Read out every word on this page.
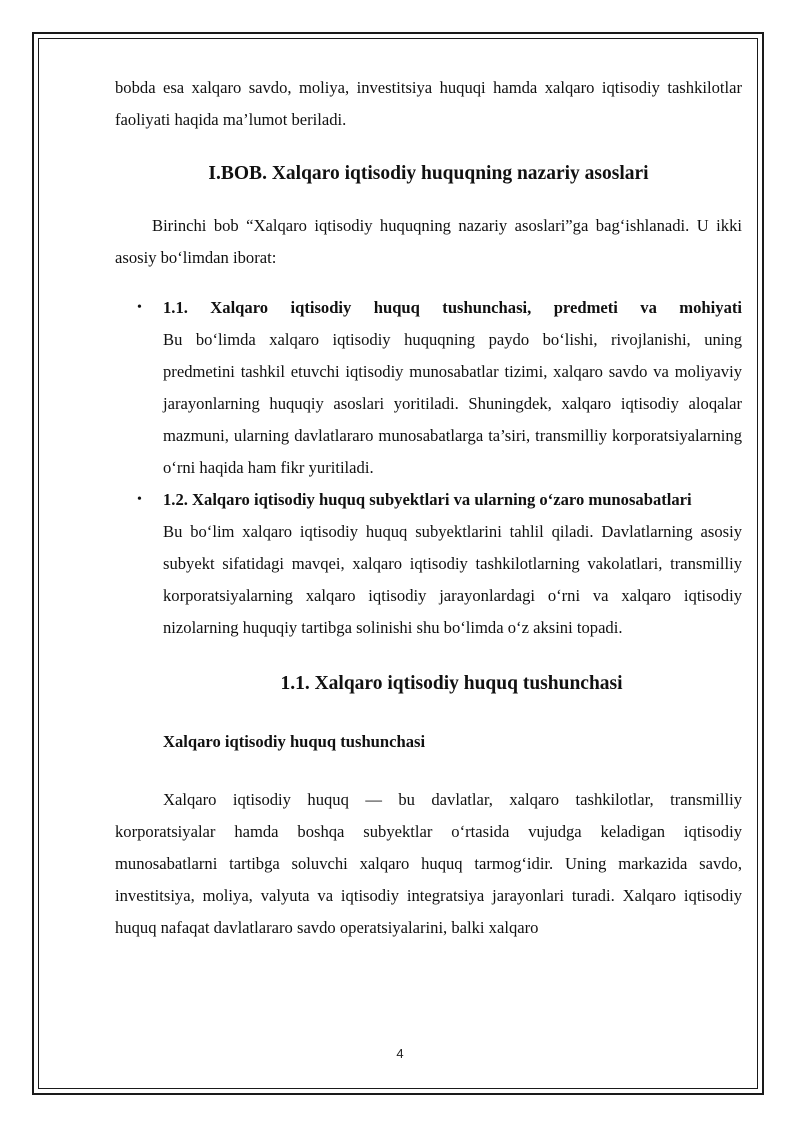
bobda esa xalqaro savdo, moliya, investitsiya huquqi hamda xalqaro iqtisodiy tashkilotlar faoliyati haqida ma’lumot beriladi.

I.BOB. Xalqaro iqtisodiy huquqning nazariy asoslari

Birinchi bob “Xalqaro iqtisodiy huquqning nazariy asoslari”ga bag‘ishlanadi. U ikki asosiy bo‘limdan iborat:

• 1.1. Xalqaro iqtisodiy huquq tushunchasi, predmeti va mohiyati

Bu bo‘limda xalqaro iqtisodiy huquqning paydo bo‘lishi, rivojlanishi, uning predmetini tashkil etuvchi iqtisodiy munosabatlar tizimi, xalqaro savdo va moliyaviy jarayonlarning huquqiy asoslari yoritiladi. Shuningdek, xalqaro iqtisodiy aloqalar mazmuni, ularning davlatlararo munosabatlarga ta’siri, transmilliy korporatsiyalarning o‘rni haqida ham fikr yuritiladi.

• 1.2. Xalqaro iqtisodiy huquq subyektlari va ularning o‘zaro munosabatlari

Bu bo‘lim xalqaro iqtisodiy huquq subyektlarini tahlil qiladi. Davlatlarning asosiy subyekt sifatidagi mavqei, xalqaro iqtisodiy tashkilotlarning vakolatlari, transmilliy korporatsiyalarning xalqaro iqtisodiy jarayonlardagi o‘rni va xalqaro iqtisodiy nizolarning huquqiy tartibga solinishi shu bo‘limda o‘z aksini topadi.

1.1. Xalqaro iqtisodiy huquq tushunchasi

Xalqaro iqtisodiy huquq tushunchasi

Xalqaro iqtisodiy huquq — bu davlatlar, xalqaro tashkilotlar, transmilliy korporatsiyalar hamda boshqa subyektlar o‘rtasida vujudga keladigan iqtisodiy munosabatlarni tartibga soluvchi xalqaro huquq tarmog‘idir. Uning markazida savdo, investitsiya, moliya, valyuta va iqtisodiy integratsiya jarayonlari turadi. Xalqaro iqtisodiy huquq nafaqat davlatlararo savdo operatsiyalarini, balki xalqaro

4
